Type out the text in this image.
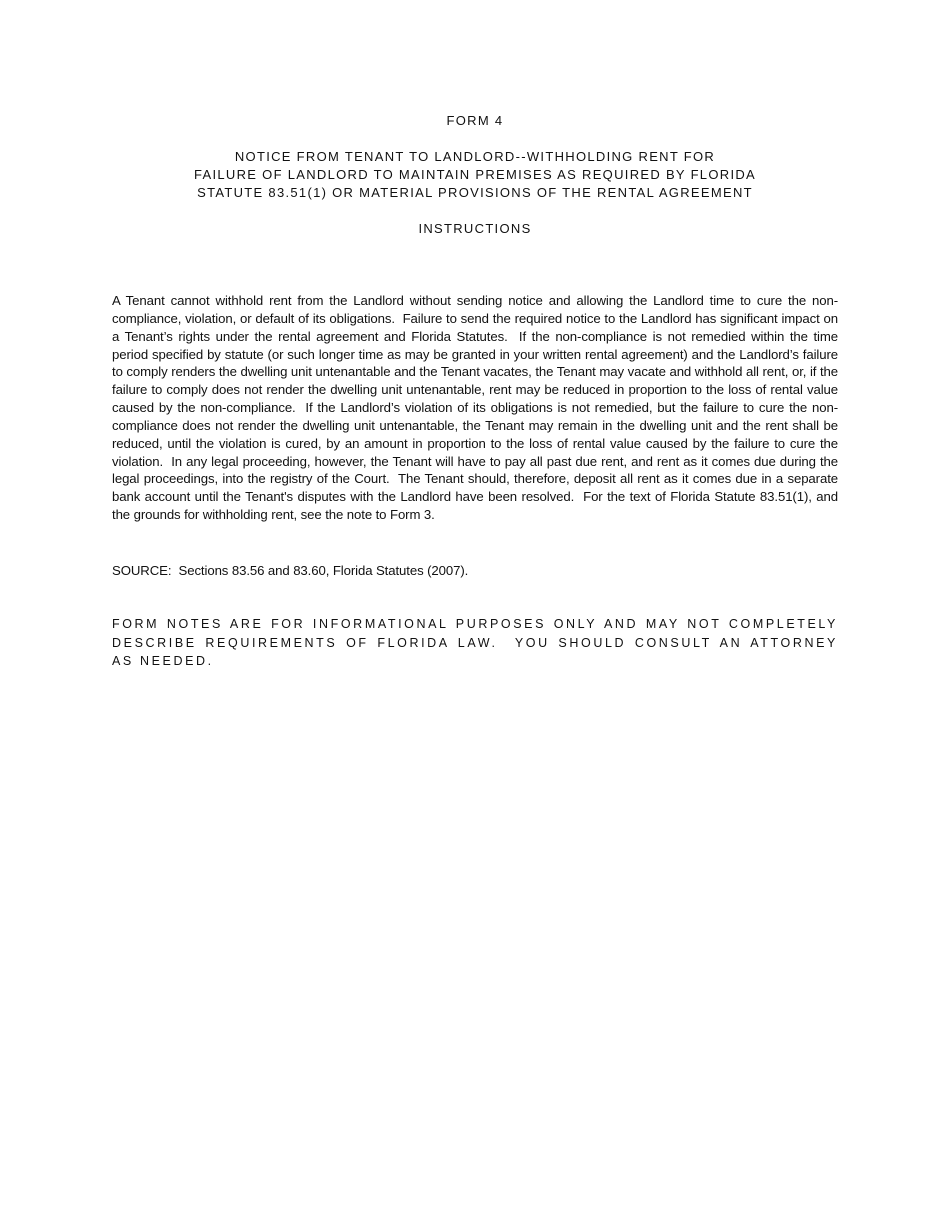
FORM 4
NOTICE FROM TENANT TO LANDLORD--WITHHOLDING RENT FOR
FAILURE OF LANDLORD TO MAINTAIN PREMISES AS REQUIRED BY FLORIDA
STATUTE 83.51(1) OR MATERIAL PROVISIONS OF THE RENTAL AGREEMENT
INSTRUCTIONS
A Tenant cannot withhold rent from the Landlord without sending notice and allowing the Landlord time to cure the non-compliance, violation, or default of its obligations.  Failure to send the required notice to the Landlord has significant impact on a Tenant’s rights under the rental agreement and Florida Statutes.  If the non-compliance is not remedied within the time period specified by statute (or such longer time as may be granted in your written rental agreement) and the Landlord’s failure to comply renders the dwelling unit untenantable and the Tenant vacates, the Tenant may vacate and withhold all rent, or, if the failure to comply does not render the dwelling unit untenantable, rent may be reduced in proportion to the loss of rental value caused by the non-compliance.  If the Landlord’s violation of its obligations is not remedied, but the failure to cure the non-compliance does not render the dwelling unit untenantable, the Tenant may remain in the dwelling unit and the rent shall be reduced, until the violation is cured, by an amount in proportion to the loss of rental value caused by the failure to cure the violation.  In any legal proceeding, however, the Tenant will have to pay all past due rent, and rent as it comes due during the legal proceedings, into the registry of the Court.  The Tenant should, therefore, deposit all rent as it comes due in a separate bank account until the Tenant's disputes with the Landlord have been resolved.  For the text of Florida Statute 83.51(1), and the grounds for withholding rent, see the note to Form 3.
SOURCE:  Sections 83.56 and 83.60, Florida Statutes (2007).
FORM NOTES ARE FOR INFORMATIONAL PURPOSES ONLY AND MAY NOT COMPLETELY DESCRIBE REQUIREMENTS OF FLORIDA LAW.  YOU SHOULD CONSULT AN ATTORNEY AS NEEDED.
